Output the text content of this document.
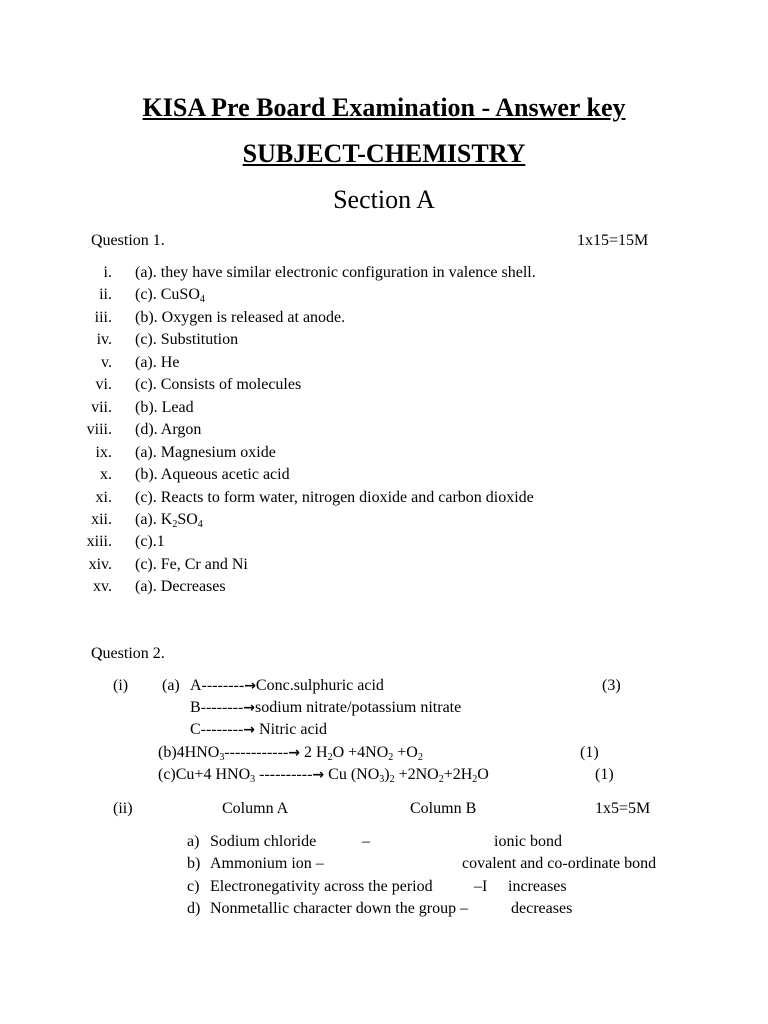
KISA Pre Board Examination - Answer key
SUBJECT-CHEMISTRY
Section A
Question 1.	1x15=15M
i. (a). they have similar electronic configuration in valence shell.
ii. (c). CuSO$_4$
iii. (b). Oxygen is released at anode.
iv. (c). Substitution
v. (a). He
vi. (c). Consists of molecules
vii. (b). Lead
viii. (d). Argon
ix. (a). Magnesium oxide
x. (b). Aqueous acetic acid
xi. (c). Reacts to form water, nitrogen dioxide and carbon dioxide
xii. (a). $K_2SO_4$
xiii. (c).1
xiv. (c). Fe, Cr and Ni
xv. (a). Decreases
Question 2.
(i) (a) A--------→Conc.sulphuric acid	(3)
B--------→sodium nitrate/potassium nitrate
C--------→ Nitric acid
$(b)4HNO_3------------\to 2$ $H_2O +4NO_2 +O_2$	(1)
(c)Cu+4 $HNO_3$ ----------→ Cu $(NO_3)_2 +2NO_2+2H_2O$	(1)
(ii)	Column A	Column B	1x5=5M
a) Sodium chloride	–	ionic bond
b) Ammonium ion –	covalent and co-ordinate bond
c) Electronegativity across the period	–I increases
d) Nonmetallic character down the group –	decreases
